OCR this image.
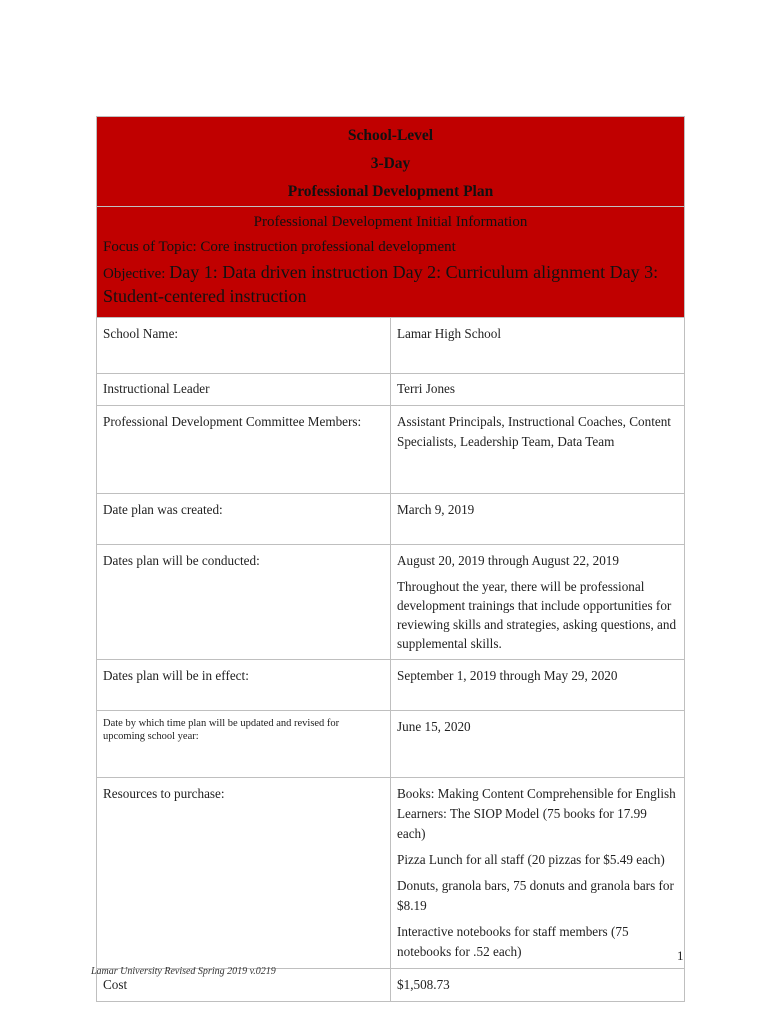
School-Level
3-Day
Professional Development Plan	

Professional Development Initial Information
Focus of Topic: Core instruction professional development
Objective: Day 1: Data driven instruction Day 2: Curriculum alignment Day 3: Student-centered instruction	

School Name:	Lamar High School

Instructional Leader	Terri Jones

Professional Development Committee Members:	Assistant Principals, Instructional Coaches, Content Specialists, Leadership Team, Data Team

Date plan was created:	March 9, 2019

Dates plan will be conducted:	August 20, 2019 through August 22, 2019
Throughout the year, there will be professional development trainings that include opportunities for reviewing skills and strategies, asking questions, and supplemental skills.

Dates plan will be in effect:	September 1, 2019 through May 29, 2020

Date by which time plan will be updated and revised for upcoming school year:	June 15, 2020

Resources to purchase:	Books: Making Content Comprehensible for English Learners: The SIOP Model (75 books for 17.99 each)
Pizza Lunch for all staff (20 pizzas for $5.49 each)
Donuts, granola bars, 75 donuts and granola bars for $8.19
Interactive notebooks for staff members (75 notebooks for .52 each)

Cost	$1,508.73
1
Lamar University Revised Spring 2019 v.0219
